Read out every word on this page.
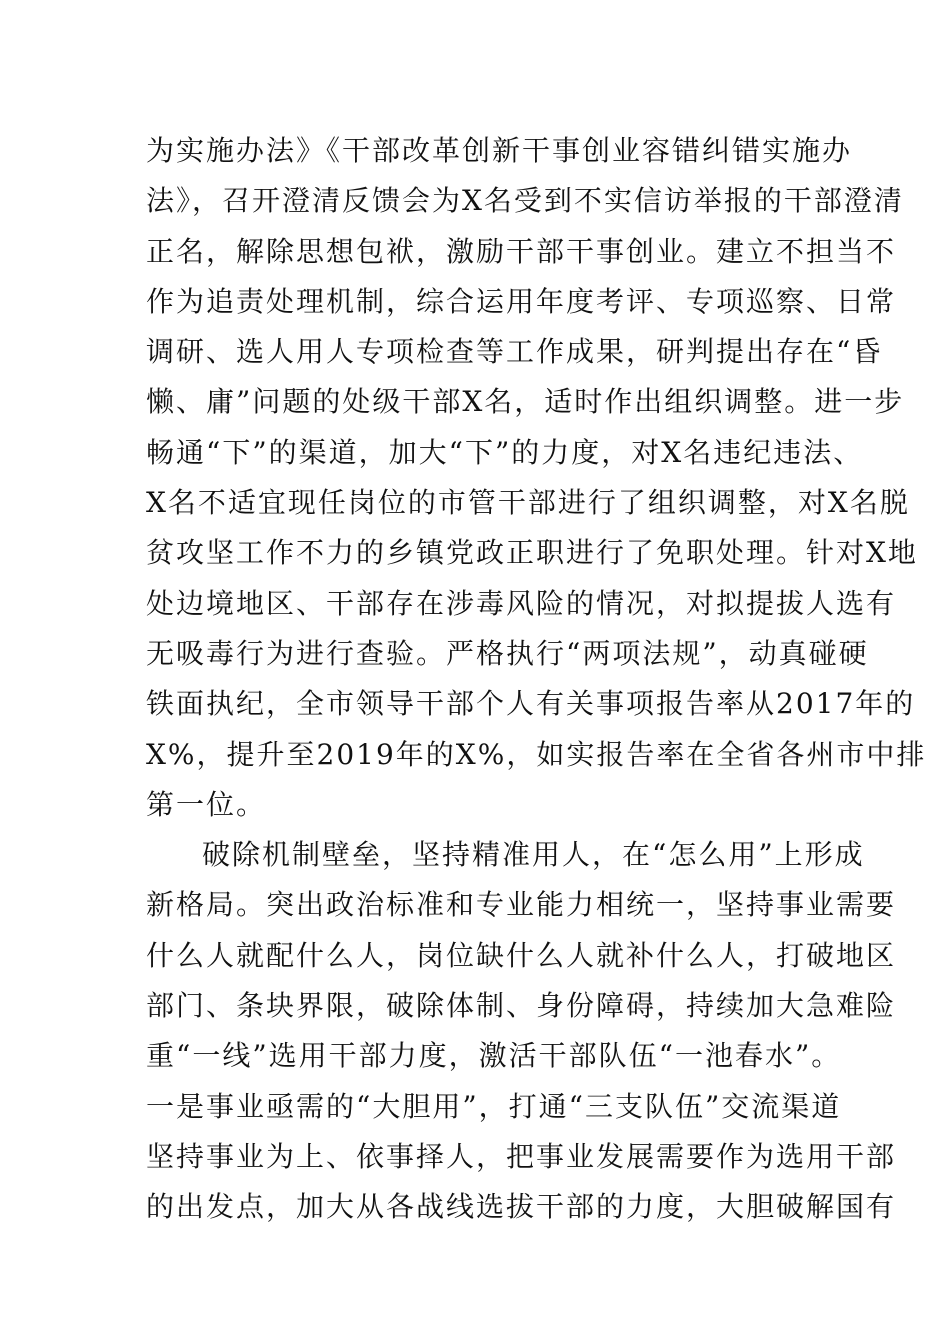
为实施办法》《干部改革创新干事创业容错纠错实施办
法》，召开澄清反馈会为X名受到不实信访举报的干部澄清
正名，解除思想包袱，激励干部干事创业。建立不担当不
作为追责处理机制，综合运用年度考评、专项巡察、日常
调研、选人用人专项检查等工作成果，研判提出存在“昏
懒、庸”问题的处级干部X名，适时作出组织调整。进一步
畅通“下”的渠道，加大“下”的力度，对X名违纪违法、
X名不适宜现任岗位的市管干部进行了组织调整，对X名脱
贫攻坚工作不力的乡镇党政正职进行了免职处理。针对X地
处边境地区、干部存在涉毒风险的情况，对拟提拔人选有
无吸毒行为进行查验。严格执行“两项法规”，动真碰硬
铁面执纪，全市领导干部个人有关事项报告率从2017年的
X%，提升至2019年的X%，如实报告率在全省各州市中排
第一位。
破除机制壁垒，坚持精准用人，在“怎么用”上形成
新格局。突出政治标准和专业能力相统一，坚持事业需要
什么人就配什么人，岗位缺什么人就补什么人，打破地区
部门、条块界限，破除体制、身份障碍，持续加大急难险
重“一线”选用干部力度，激活干部队伍“一池春水”。
一是事业亟需的“大胆用”，打通“三支队伍”交流渠道
坚持事业为上、依事择人，把事业发展需要作为选用干部
的出发点，加大从各战线选拔干部的力度，大胆破解国有
